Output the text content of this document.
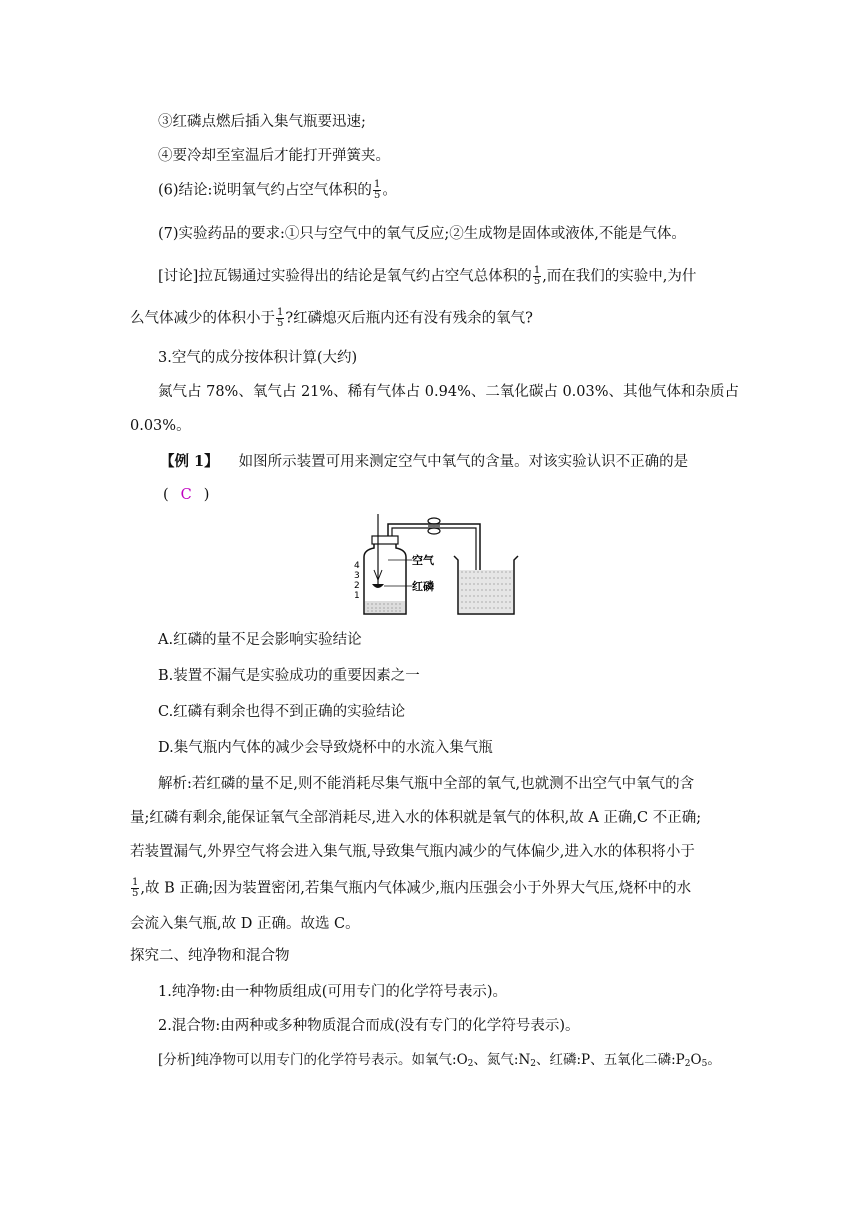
③红磷点燃后插入集气瓶要迅速;
④要冷却至室温后才能打开弹簧夹。
(6)结论:说明氧气约占空气体积的 $\frac{1}{5}$ 。
(7)实验药品的要求:①只与空气中的氧气反应;②生成物是固体或液体,不能是气体。
[讨论]拉瓦锡通过实验得出的结论是氧气约占空气总体积的 $\frac{1}{5}$ ,而在我们的实验中,为什
么气体减少的体积小于 $\frac{1}{5}$ ?红磷熄灭后瓶内还有没有残余的氧气?
3.空气的成分按体积计算(大约)
氮气占 78%、氧气占 21%、稀有气体占 0.94%、二氧化碳占 0.03%、其他气体和杂质占
0.03%。
【例 1】 如图所示装置可用来测定空气中氧气的含量。对该实验认识不正确的是
( C )
4
3
2
1
空气
红磷
A.红磷的量不足会影响实验结论
B.装置不漏气是实验成功的重要因素之一
C.红磷有剩余也得不到正确的实验结论
D.集气瓶内气体的减少会导致烧杯中的水流入集气瓶
解析:若红磷的量不足,则不能消耗尽集气瓶中全部的氧气,也就测不出空气中氧气的含
量;红磷有剩余,能保证氧气全部消耗尽,进入水的体积就是氧气的体积,故 A 正确,C 不正确;
若装置漏气,外界空气将会进入集气瓶,导致集气瓶内减少的气体偏少,进入水的体积将小于
$\frac{1}{5}$ ,故 B 正确;因为装置密闭,若集气瓶内气体减少,瓶内压强会小于外界大气压,烧杯中的水
会流入集气瓶,故 D 正确。故选 C。
探究二、纯净物和混合物
1.纯净物:由一种物质组成(可用专门的化学符号表示)。
2.混合物:由两种或多种物质混合而成(没有专门的化学符号表示)。
[分析]纯净物可以用专门的化学符号表示。如氧气$:O_2$、氮气$:N_2$、红磷:P、五氧化二磷$:P_2O_5$。
